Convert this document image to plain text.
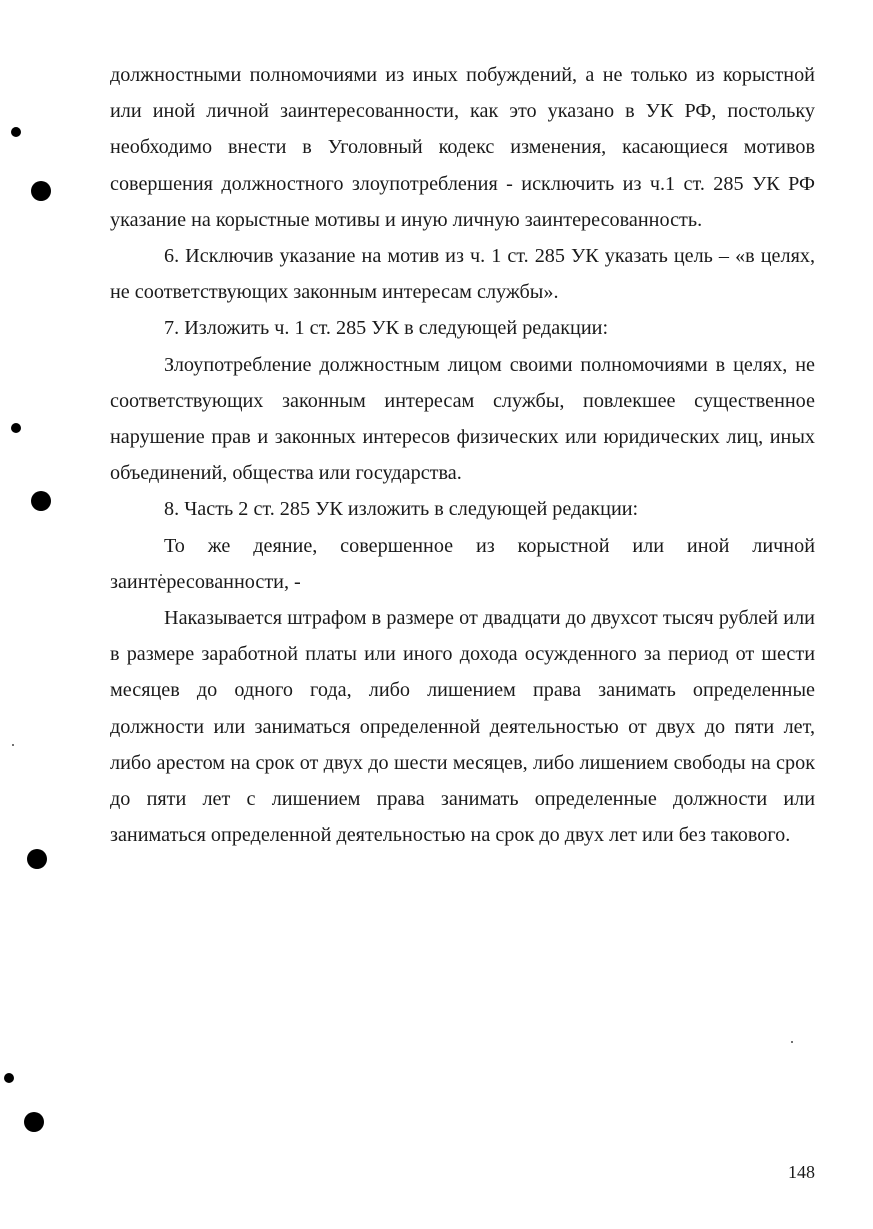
должностными полномочиями из иных побуждений, а не только из корыстной или иной личной заинтересованности, как это указано в УК РФ, постольку необходимо внести в Уголовный кодекс изменения, касающиеся мотивов совершения должностного злоупотребления - исключить из ч.1 ст. 285 УК РФ указание на корыстные мотивы и иную личную заинтересованность.

6. Исключив указание на мотив из ч. 1 ст. 285 УК указать цель – «в целях, не соответствующих законным интересам службы».

7. Изложить ч. 1 ст. 285 УК в следующей редакции:

Злоупотребление должностным лицом своими полномочиями в целях, не соответствующих законным интересам службы, повлекшее существенное нарушение прав и законных интересов физических или юридических лиц, иных объединений, общества или государства.

8. Часть 2 ст. 285 УК изложить в следующей редакции:

То же деяние, совершенное из корыстной или иной личной заинтересованности, -

Наказывается штрафом в размере от двадцати до двухсот тысяч рублей или в размере заработной платы или иного дохода осужденного за период от шести месяцев до одного года, либо лишением права занимать определенные должности или заниматься определенной деятельностью от двух до пяти лет, либо арестом на срок от двух до шести месяцев, либо лишением свободы на срок до пяти лет с лишением права занимать определенные должности или заниматься определенной деятельностью на срок до двух лет или без такового.

148
